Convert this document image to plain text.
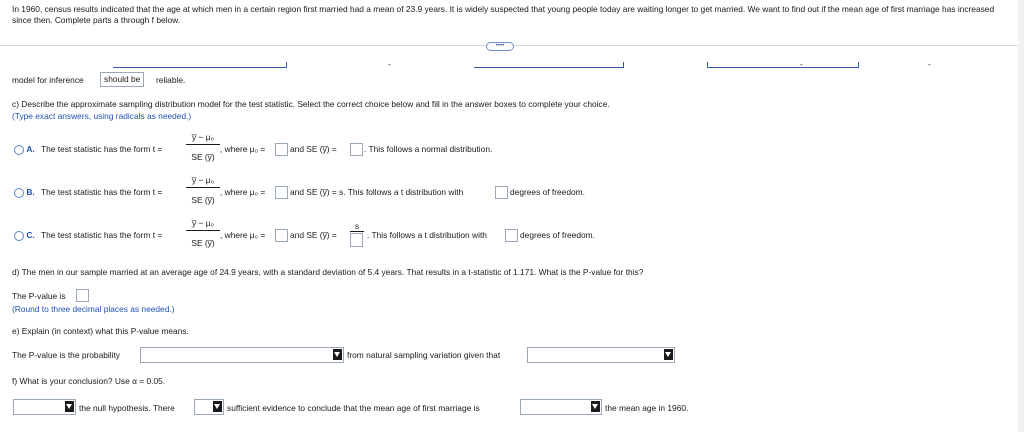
In 1960, census results indicated that the age at which men in a certain region first married had a mean of 23.9 years. It is widely suspected that young people today are waiting longer to get married. We want to find out if the mean age of first marriage has increased since then. Complete parts a through f below.
••••
-	-	-
model for inference	should be	reliable.
c) Describe the approximate sampling distribution model for the test statistic. Select the correct choice below and fill in the answer boxes to complete your choice.
(Type exact answers, using radicals as needed.)
A. The test statistic has the form t =
y̅ − μ₀
SE (y̅)
, where μ₀ =	and SE (y̅) =	. This follows a normal distribution.
B. The test statistic has the form t =
y̅ − μ₀
SE (y̅)
, where μ₀ =	and SE (y̅) = s. This follows a t distribution with	degrees of freedom.
C. The test statistic has the form t =
y̅ − μ₀
SE (y̅)
, where μ₀ =	and SE (y̅) =
s
. This follows a t distribution with	degrees of freedom.
d) The men in our sample married at an average age of 24.9 years, with a standard deviation of 5.4 years. That results in a t-statistic of 1.171. What is the P-value for this?
The P-value is
(Round to three decimal places as needed.)
e) Explain (in context) what this P-value means.
The P-value is the probability	from natural sampling variation given that
f) What is your conclusion? Use α = 0.05.
the null hypothesis. There	sufficient evidence to conclude that the mean age of first marriage is	the mean age in 1960.
